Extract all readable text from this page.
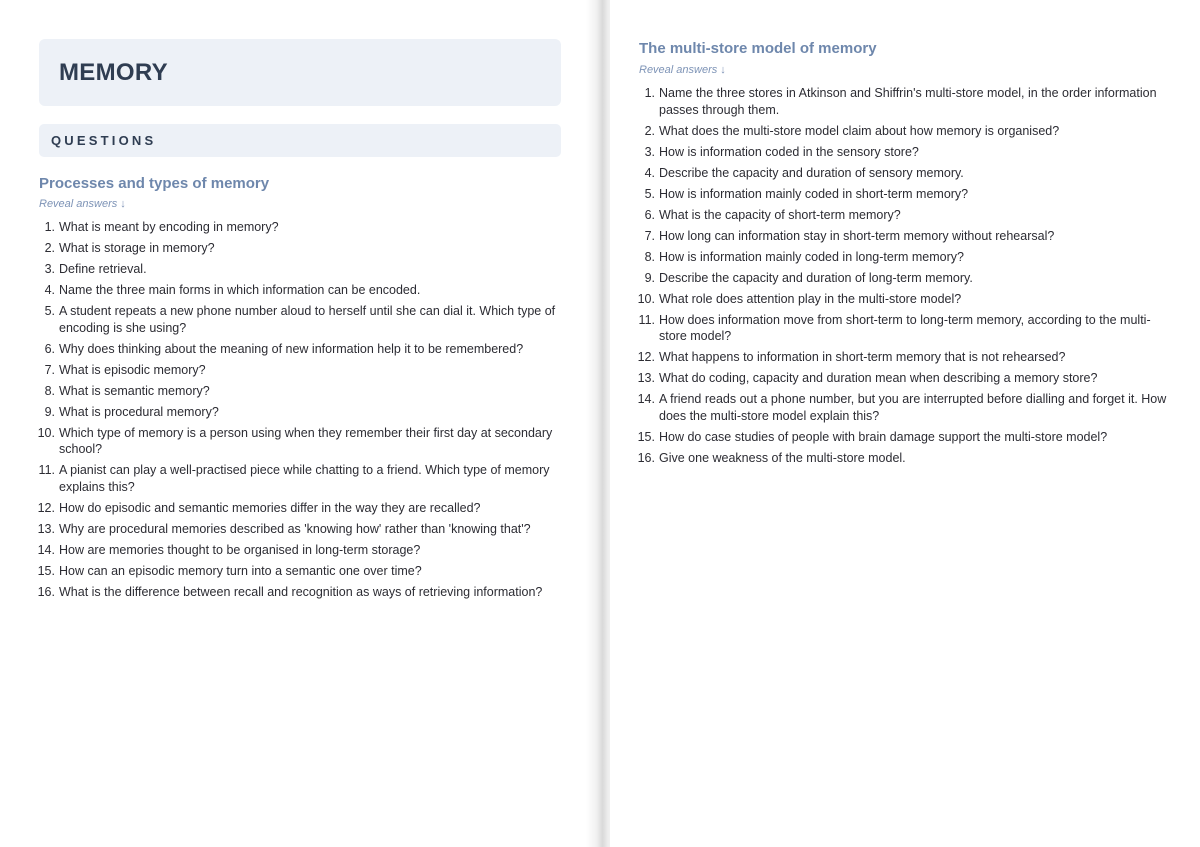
MEMORY
QUESTIONS
Processes and types of memory
Reveal answers ↓
1. What is meant by encoding in memory?
2. What is storage in memory?
3. Define retrieval.
4. Name the three main forms in which information can be encoded.
5. A student repeats a new phone number aloud to herself until she can dial it. Which type of encoding is she using?
6. Why does thinking about the meaning of new information help it to be remembered?
7. What is episodic memory?
8. What is semantic memory?
9. What is procedural memory?
10. Which type of memory is a person using when they remember their first day at secondary school?
11. A pianist can play a well-practised piece while chatting to a friend. Which type of memory explains this?
12. How do episodic and semantic memories differ in the way they are recalled?
13. Why are procedural memories described as 'knowing how' rather than 'knowing that'?
14. How are memories thought to be organised in long-term storage?
15. How can an episodic memory turn into a semantic one over time?
16. What is the difference between recall and recognition as ways of retrieving information?
The multi-store model of memory
Reveal answers ↓
1. Name the three stores in Atkinson and Shiffrin's multi-store model, in the order information passes through them.
2. What does the multi-store model claim about how memory is organised?
3. How is information coded in the sensory store?
4. Describe the capacity and duration of sensory memory.
5. How is information mainly coded in short-term memory?
6. What is the capacity of short-term memory?
7. How long can information stay in short-term memory without rehearsal?
8. How is information mainly coded in long-term memory?
9. Describe the capacity and duration of long-term memory.
10. What role does attention play in the multi-store model?
11. How does information move from short-term to long-term memory, according to the multi-store model?
12. What happens to information in short-term memory that is not rehearsed?
13. What do coding, capacity and duration mean when describing a memory store?
14. A friend reads out a phone number, but you are interrupted before dialling and forget it. How does the multi-store model explain this?
15. How do case studies of people with brain damage support the multi-store model?
16. Give one weakness of the multi-store model.
